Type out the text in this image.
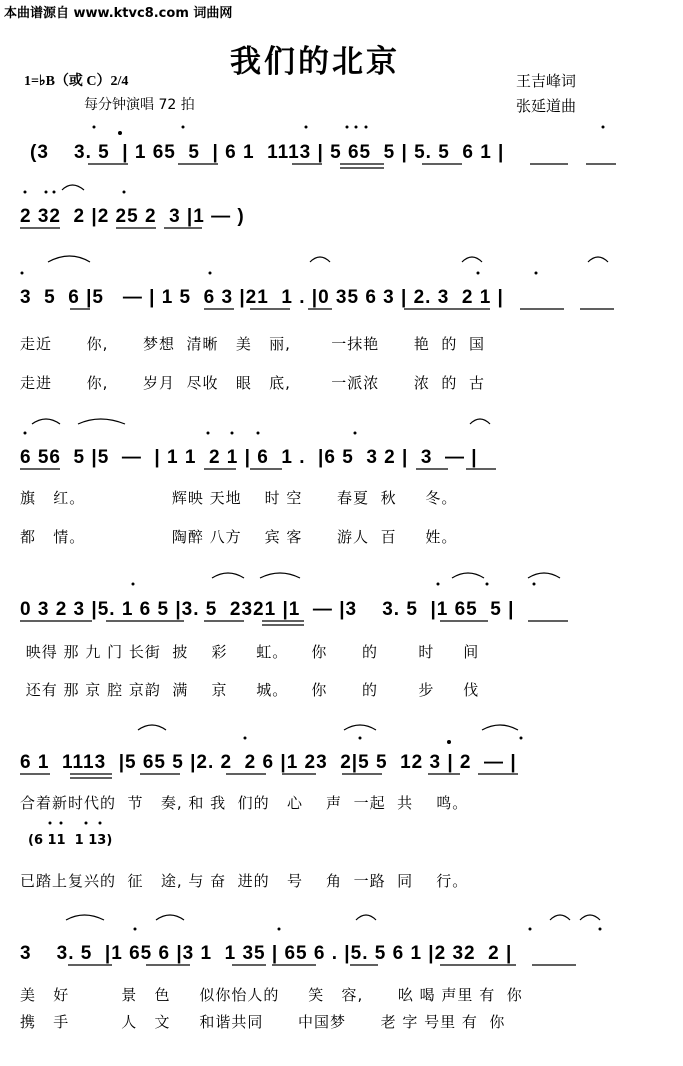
本曲谱源自 www.ktvc8.com 词曲网
我们的北京
1=♭B（或 C）2/4
每分钟演唱 72 拍
王吉峰词
张延道曲
(3    3. 5  | 1 65  5  | 6 1  1113 | 5 65  5 | 5. 5  6 1 |
2 32  2 |2 25 2  3 |1 — )
3  5  6 |5   — | 1 5  6 3 |21  1 . |0 35 6 3 | 2. 3  2 1 |
走近      你,      梦想  清晰   美   丽,       一抹艳      艳  的  国
走进      你,      岁月  尽收   眼   底,       一派浓      浓  的  古
6 56  5 |5  —  | 1 1  2 1 | 6  1 .  |6 5  3 2 |  3  — |
旗   红。               辉映 天地    时 空      春夏  秋     冬。
都   情。               陶醉 八方    宾 客      游人  百     姓。
0 3 2 3 |5. 1 6 5 |3. 5  2321 |1  — |3    3. 5  |1 65  5 |
映得 那 九 门 长街  披    彩     虹。    你      的       时     间
还有 那 京 腔 京韵  满    京     城。    你      的       步     伐
6 1  1113  |5 65 5 |2. 2  2 6 |1 23  2|5 5  12 3 | 2  — |
合着新时代的  节   奏, 和 我  们的   心    声  一起  共    鸣。
(6 11  1 13)
已踏上复兴的  征   途, 与 奋  进的   号    角  一路  同    行。
3    3. 5  |1 65 6 |3 1  1 35 | 65 6 . |5. 5 6 1 |2 32  2 |
美   好         景   色     似你怡人的     笑   容,      吆 喝 声里 有  你
携   手         人   文     和谐共同      中国梦      老 字 号里 有  你
